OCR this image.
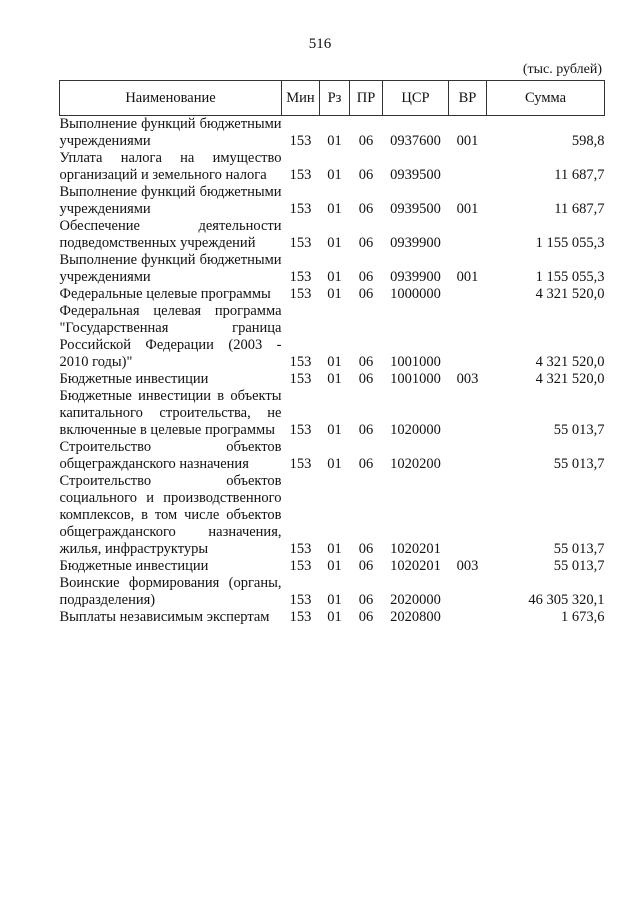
516
(тыс. рублей)
Наименование	Мин	Рз	ПР	ЦСР	ВР	Сумма
Выполнение функций бюджетными учреждениями	153	01	06	0937600	001	598,8
Уплата налога на имущество организаций и земельного налога	153	01	06	0939500		11 687,7
Выполнение функций бюджетными учреждениями	153	01	06	0939500	001	11 687,7
Обеспечение деятельности подведомственных учреждений	153	01	06	0939900		1 155 055,3
Выполнение функций бюджетными учреждениями	153	01	06	0939900	001	1 155 055,3
Федеральные целевые программы	153	01	06	1000000		4 321 520,0
Федеральная целевая программа "Государственная граница Российской Федерации (2003 - 2010 годы)"	153	01	06	1001000		4 321 520,0
Бюджетные инвестиции	153	01	06	1001000	003	4 321 520,0
Бюджетные инвестиции в объекты капитального строительства, не включенные в целевые программы	153	01	06	1020000		55 013,7
Строительство объектов общегражданского назначения	153	01	06	1020200		55 013,7
Строительство объектов социального и производственного комплексов, в том числе объектов общегражданского назначения, жилья, инфраструктуры	153	01	06	1020201		55 013,7
Бюджетные инвестиции	153	01	06	1020201	003	55 013,7
Воинские формирования (органы, подразделения)	153	01	06	2020000		46 305 320,1
Выплаты независимым экспертам	153	01	06	2020800		1 673,6
